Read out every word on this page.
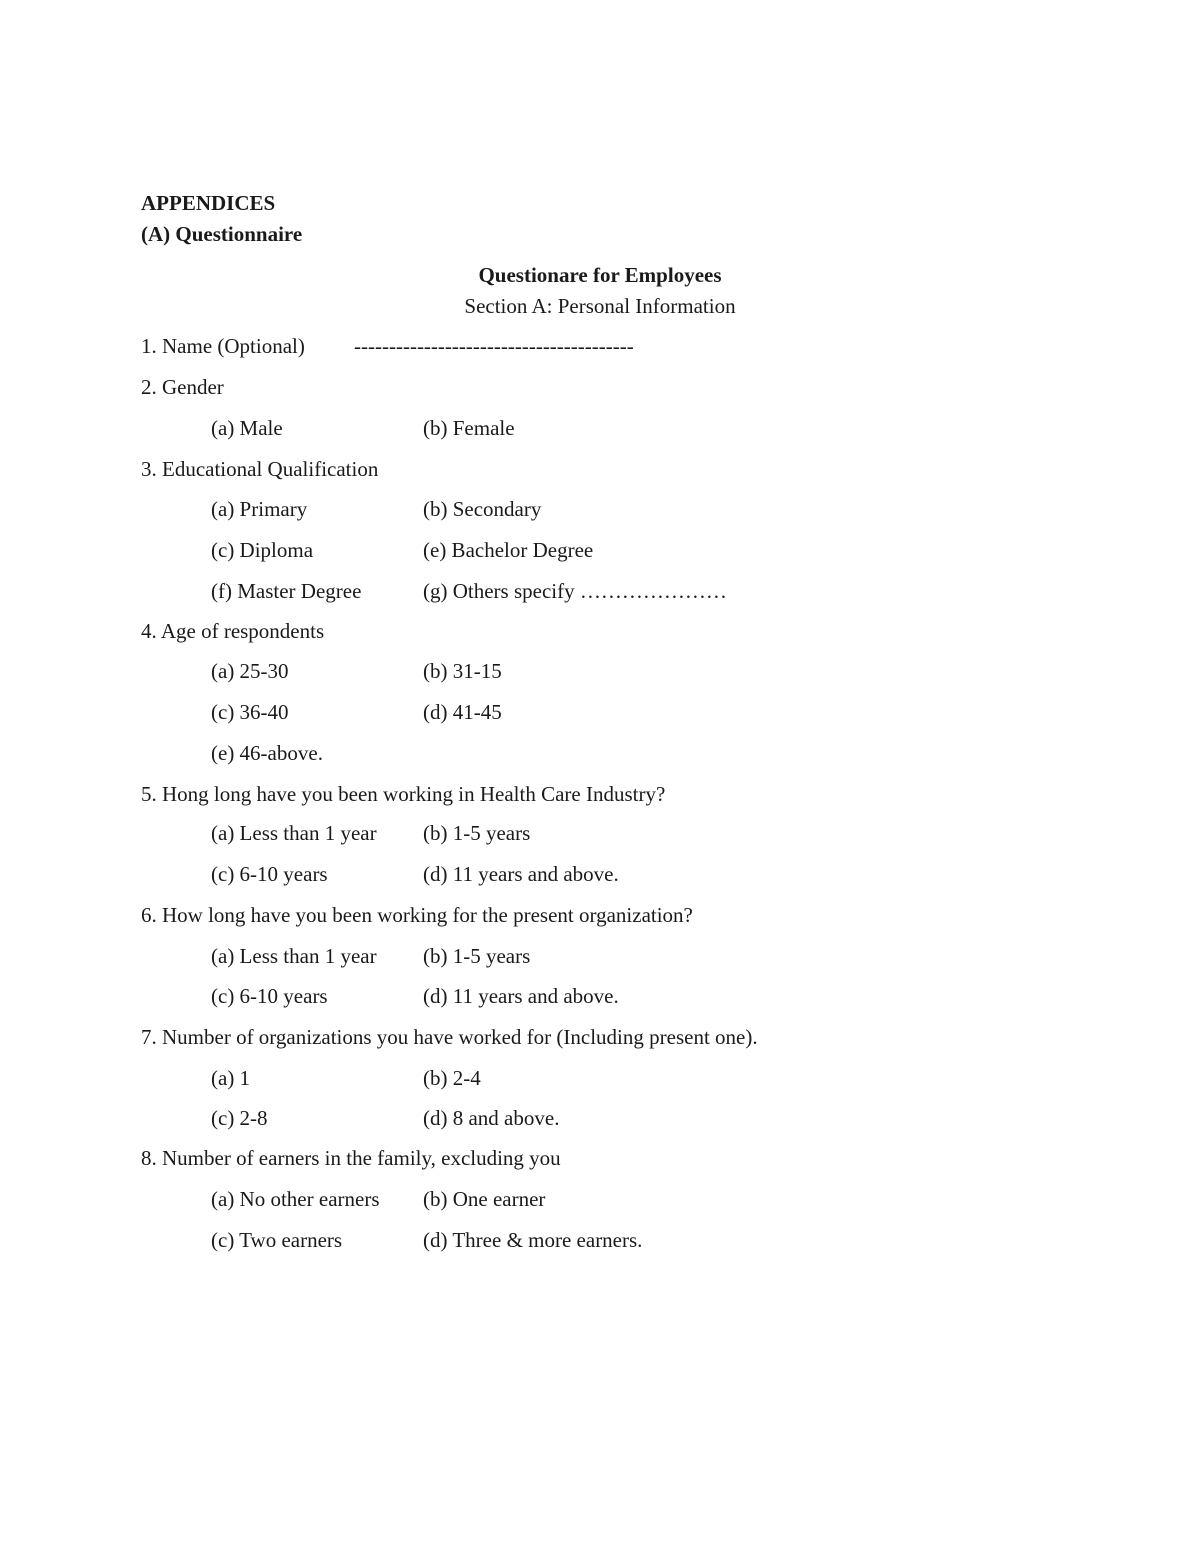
APPENDICES
(A) Questionnaire
Questionare for Employees
Section A: Personal Information
1. Name (Optional) ----------------------------------------
2. Gender
(a) Male	(b) Female
3. Educational Qualification
(a) Primary	(b) Secondary
(c) Diploma	(e) Bachelor Degree
(f) Master Degree	(g) Others specify …………………
4. Age of respondents
(a) 25-30	(b) 31-15
(c) 36-40	(d) 41-45
(e) 46-above.
5. Hong long have you been working in Health Care Industry?
(a) Less than 1 year (b) 1-5 years
(c) 6-10 years	(d) 11 years and above.
6. How long have you been working for the present organization?
(a) Less than 1 year (b) 1-5 years
(c) 6-10 years	(d) 11 years and above.
7. Number of organizations you have worked for (Including present one).
(a) 1	(b) 2-4
(c) 2-8	(d) 8 and above.
8. Number of earners in the family, excluding you
(a) No other earners (b) One earner
(c) Two earners	(d) Three & more earners.
